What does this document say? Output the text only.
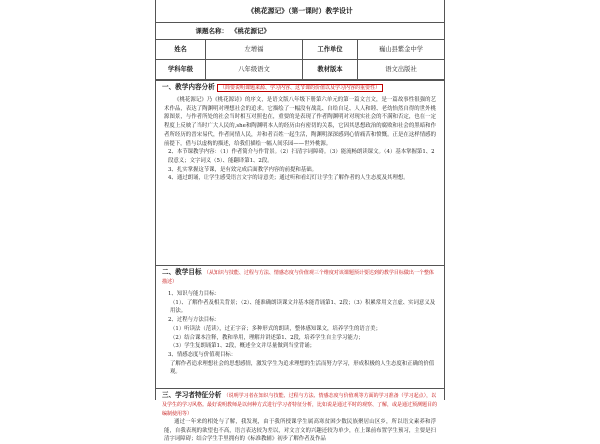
《桃花源记》（第一课时）教学设计
课题名称： 《桃花源记》
姓名	左增福	工作单位	巍山县紫金中学
学科年级	八年级语文	教材版本	语文出版社
一、教学内容分析 （简要说明课题来源、学习内容、这节课的价值以及学习内容的重要性）
《桃花源记》乃《桃花源诗》的序文，是语文版八年级下册第六单元的第一篇文言文，是一篇故事性很强的艺术作品，表达了陶渊明对理想社会的追求。它描绘了一幅没有战乱、自给自足、人人和睦、老幼怡然自得的世外桃源图景，与作者所处的社会当时相互对照也在，重要的是表现了作者陶渊明对对现实社会的不满和否定，也在一定程度上反映了当时广大人民的,she和陶渊明本人的经历由有密切的关系，它因其思想政治的腐败和社会的黑暗和作者所经历的晋宋易代，作者同情人民，并和者百姓一起生活，陶渊明深深感到心情痛苦和愤慨。正是在这样情感的前提下，借与以虚构的描述，给我们描绘一幅人间乐园——世外桃源。
2、本节课教学内容：（1）作者简介与作背景。（2）扫清字词障碍。（3）能流畅朗读课文。（4）基本掌握第1、2段意义；文字词义（5）、能翻译第1、2段。
3、扎实掌握这节课，是有效完成后面教学内容的前提和基础。
4、通过朗诵，让学生感受语言文字的诗意美；通过听和看幻灯让学生了解作者的人生态度及其理想。
二、教学目标 （从知识与技能、过程与方法、情感态度与价值观三个维度对该课题预计要达到的教学目标做出一个整体描述）
1、知识与能力目标：
（1）、了解作者及相关背景；（2）、能准确朗读课文并基本能背诵第1、2段；（3）积累常用文言虚、实词意义及用法。
2、过程与方法目标：
（1）听读法（范读），过正字音；多种形式的朗读，整体感知课文，培养学生的语言美；
（2）结合课本注释，教和举用，理解并讲述第1、2段，培养学生自主学习能力；
（3）学生复朗诵第1、2段，概述全文并尽量做到当堂背诵；
3、情感态度与价值观目标：
了解作者追求理想社会的思想感情，激发学生为追求理想的生活而努力学习，形成积极的人生态度和正确的价值观。
三、学习者特征分析 （说明学习者在知识与技能、过程与方法、情感态度与价值观等方面的学习准备（学习起点），以及学生的学习风格。最好说明教师是以何种方式进行学习者特征分析，比如说是通过平时的观察、了解，或是通过预测题目的编制使用等）
通过一年来的相处与了解，我发现，由于我所授课学生属高寒贫困少数民族聚居山区乡，所以语文素养和浮能，自我表现的欲望也不高，语言表达较为差以，对文言文的兴趣还较为单少，在上课前布置学生预习，主要是扫清字词障碍；结合学生手里拥有的《标准教辅》初步了解作者及作品
